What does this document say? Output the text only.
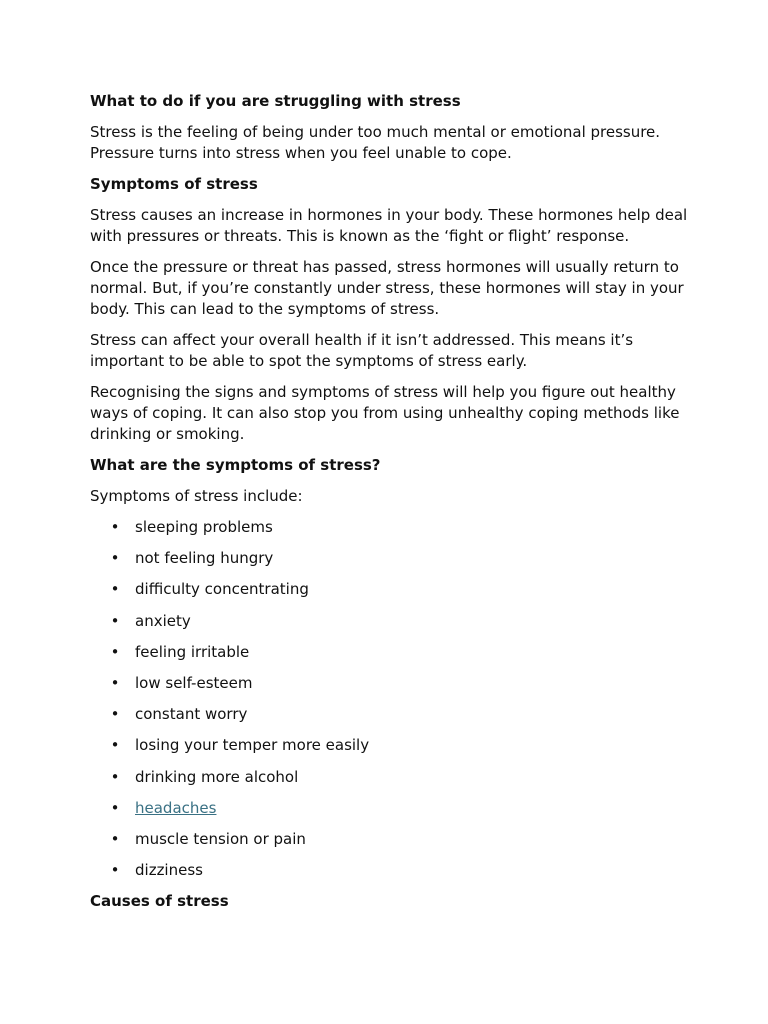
What to do if you are struggling with stress
Stress is the feeling of being under too much mental or emotional pressure. Pressure turns into stress when you feel unable to cope.
Symptoms of stress
Stress causes an increase in hormones in your body. These hormones help deal with pressures or threats. This is known as the ‘fight or flight’ response.
Once the pressure or threat has passed, stress hormones will usually return to normal. But, if you’re constantly under stress, these hormones will stay in your body. This can lead to the symptoms of stress.
Stress can affect your overall health if it isn’t addressed. This means it’s important to be able to spot the symptoms of stress early.
Recognising the signs and symptoms of stress will help you figure out healthy ways of coping. It can also stop you from using unhealthy coping methods like drinking or smoking.
What are the symptoms of stress?
Symptoms of stress include:
• sleeping problems
• not feeling hungry
• difficulty concentrating
• anxiety
• feeling irritable
• low self-esteem
• constant worry
• losing your temper more easily
• drinking more alcohol
• headaches
• muscle tension or pain
• dizziness
Causes of stress
